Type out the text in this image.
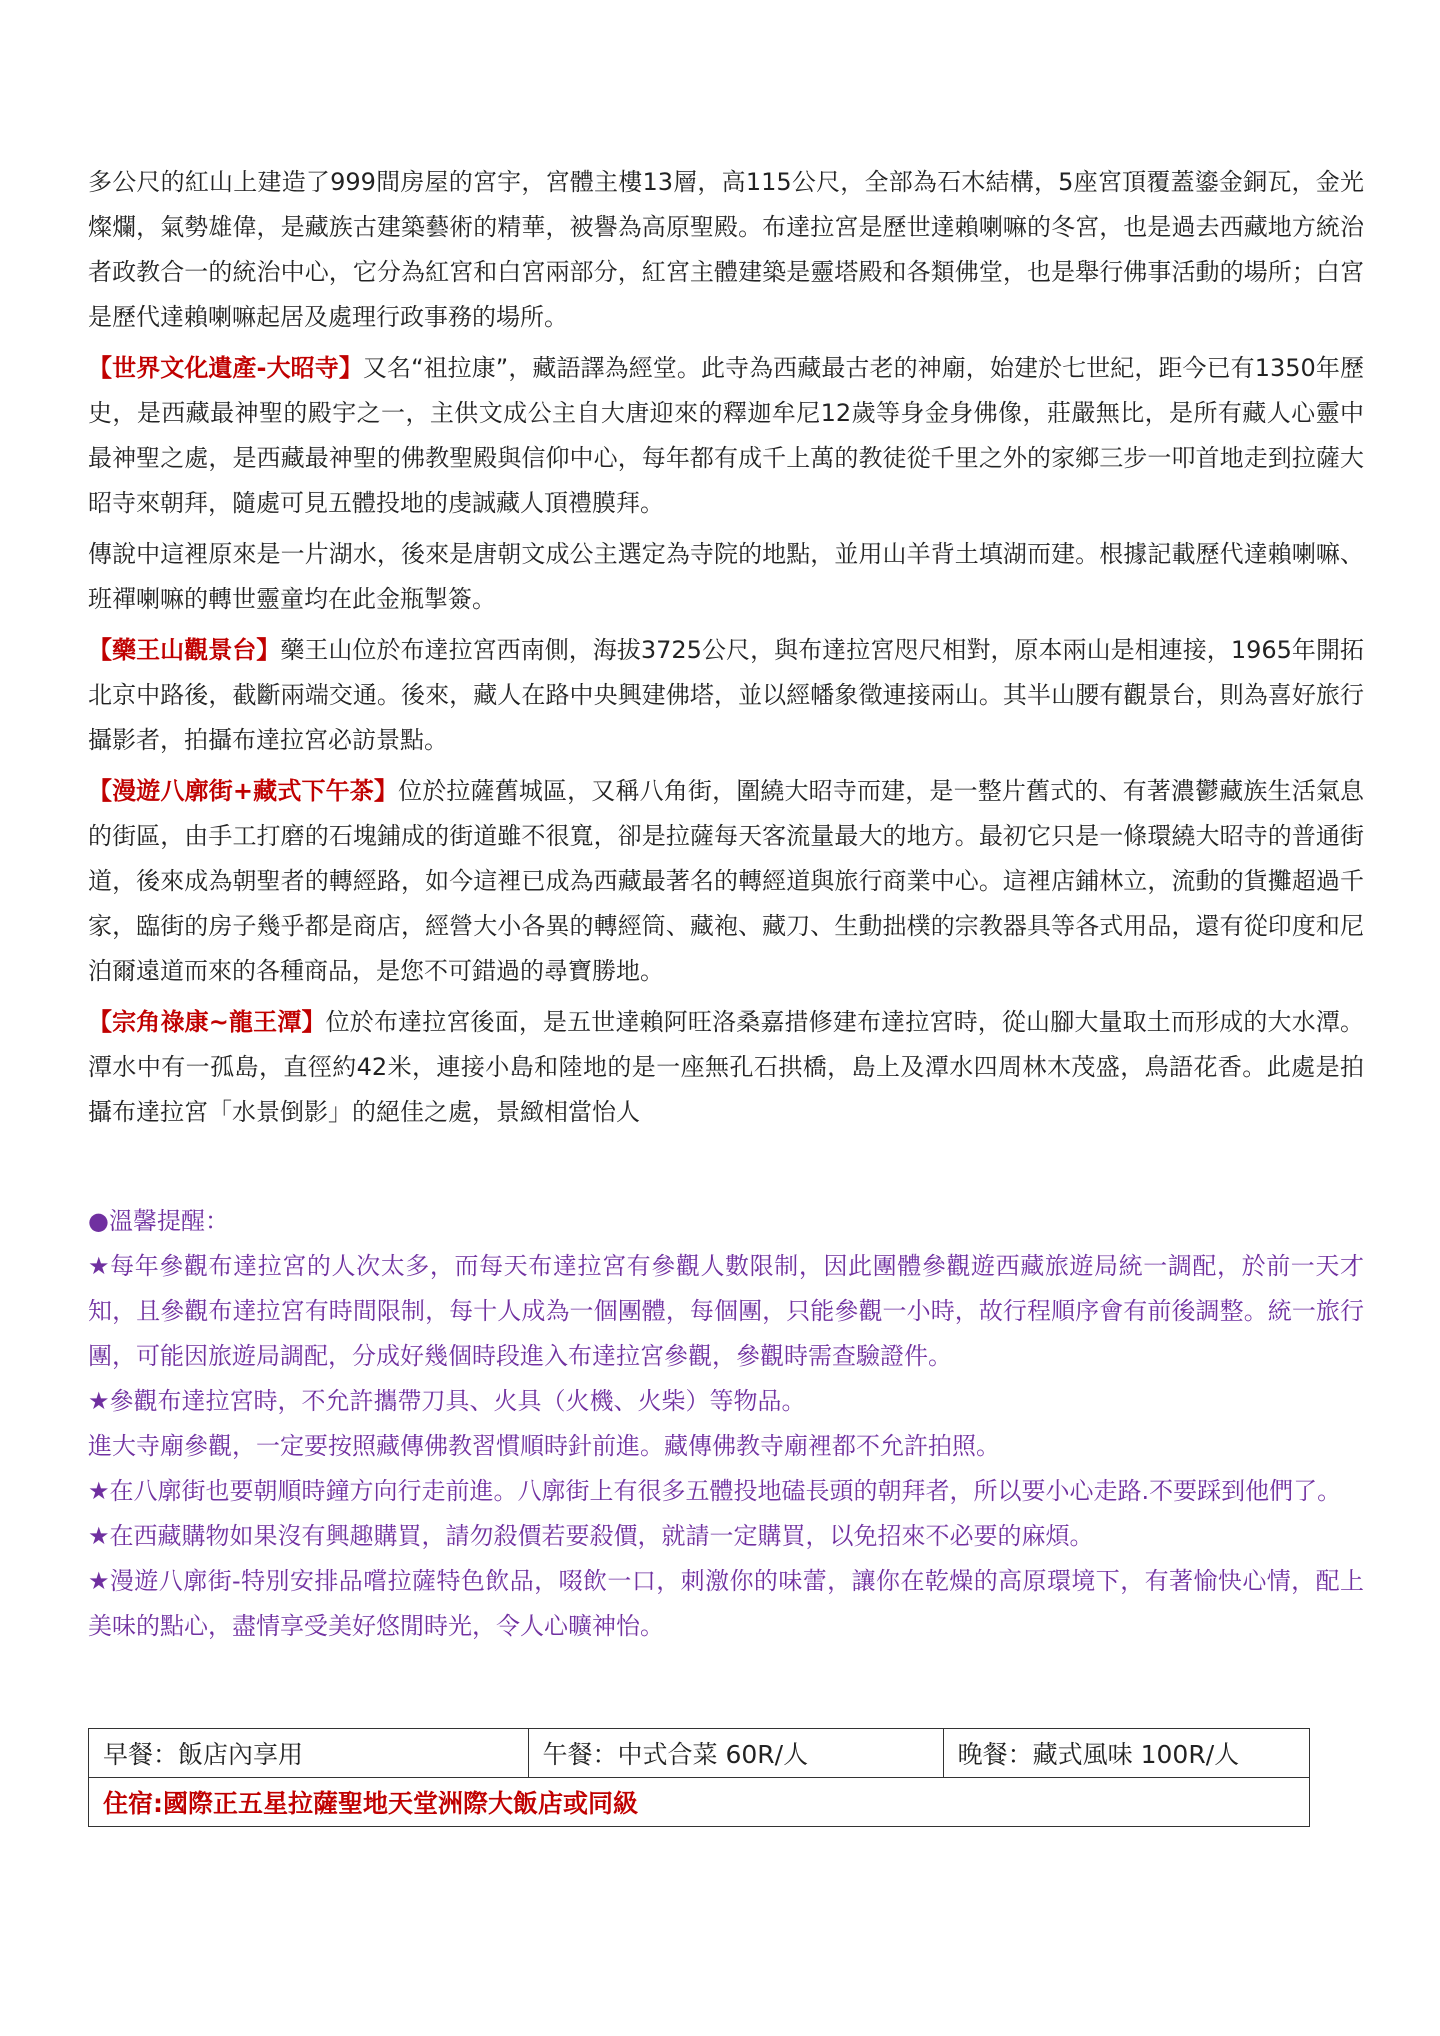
多公尺的紅山上建造了999間房屋的宮宇，宮體主樓13層，高115公尺，全部為石木結構，5座宮頂覆蓋鎏金銅瓦，金光燦爛，氣勢雄偉，是藏族古建築藝術的精華，被譽為高原聖殿。布達拉宮是歷世達賴喇嘛的冬宮，也是過去西藏地方統治者政教合一的統治中心，它分為紅宮和白宮兩部分，紅宮主體建築是靈塔殿和各類佛堂，也是舉行佛事活動的場所；白宮是歷代達賴喇嘛起居及處理行政事務的場所。

【世界文化遺產-大昭寺】又名“祖拉康”，藏語譯為經堂。此寺為西藏最古老的神廟，始建於七世紀，距今已有1350年歷史，是西藏最神聖的殿宇之一，主供文成公主自大唐迎來的釋迦牟尼12歲等身金身佛像，莊嚴無比，是所有藏人心靈中最神聖之處，是西藏最神聖的佛教聖殿與信仰中心，每年都有成千上萬的教徒從千里之外的家鄉三步一叩首地走到拉薩大昭寺來朝拜，隨處可見五體投地的虔誠藏人頂禮膜拜。

傳說中這裡原來是一片湖水，後來是唐朝文成公主選定為寺院的地點，並用山羊背土填湖而建。根據記載歷代達賴喇嘛、班禪喇嘛的轉世靈童均在此金瓶掣簽。

【藥王山觀景台】藥王山位於布達拉宮西南側，海拔3725公尺，與布達拉宮咫尺相對，原本兩山是相連接，1965年開拓北京中路後，截斷兩端交通。後來，藏人在路中央興建佛塔，並以經幡象徵連接兩山。其半山腰有觀景台，則為喜好旅行攝影者，拍攝布達拉宮必訪景點。

【漫遊八廓街+藏式下午茶】位於拉薩舊城區，又稱八角街，圍繞大昭寺而建，是一整片舊式的、有著濃鬱藏族生活氣息的街區，由手工打磨的石塊鋪成的街道雖不很寬，卻是拉薩每天客流量最大的地方。最初它只是一條環繞大昭寺的普通街道，後來成為朝聖者的轉經路，如今這裡已成為西藏最著名的轉經道與旅行商業中心。這裡店鋪林立，流動的貨攤超過千家，臨街的房子幾乎都是商店，經營大小各異的轉經筒、藏袍、藏刀、生動拙樸的宗教器具等各式用品，還有從印度和尼泊爾遠道而來的各種商品，是您不可錯過的尋寶勝地。

【宗角祿康~龍王潭】位於布達拉宮後面，是五世達賴阿旺洛桑嘉措修建布達拉宮時，從山腳大量取土而形成的大水潭。潭水中有一孤島，直徑約42米，連接小島和陸地的是一座無孔石拱橋，島上及潭水四周林木茂盛，鳥語花香。此處是拍攝布達拉宮「水景倒影」的絕佳之處，景緻相當怡人

●溫馨提醒：

★每年參觀布達拉宮的人次太多，而每天布達拉宮有參觀人數限制，因此團體參觀遊西藏旅遊局統一調配，於前一天才知，且參觀布達拉宮有時間限制，每十人成為一個團體，每個團，只能參觀一小時，故行程順序會有前後調整。統一旅行團，可能因旅遊局調配，分成好幾個時段進入布達拉宮參觀，參觀時需查驗證件。

★參觀布達拉宮時，不允許攜帶刀具、火具（火機、火柴）等物品。

進大寺廟參觀，一定要按照藏傳佛教習慣順時針前進。藏傳佛教寺廟裡都不允許拍照。

★在八廓街也要朝順時鐘方向行走前進。八廓街上有很多五體投地磕長頭的朝拜者，所以要小心走路.不要踩到他們了。

★在西藏購物如果沒有興趣購買，請勿殺價若要殺價，就請一定購買，以免招來不必要的麻煩。

★漫遊八廓街-特別安排品嚐拉薩特色飲品，啜飲一口，刺激你的味蕾，讓你在乾燥的高原環境下，有著愉快心情，配上美味的點心，盡情享受美好悠閒時光，令人心曠神怡。

早餐：飯店內享用	午餐：中式合菜 60R/人	晚餐：藏式風味 100R/人
住宿:國際正五星拉薩聖地天堂洲際大飯店或同級
